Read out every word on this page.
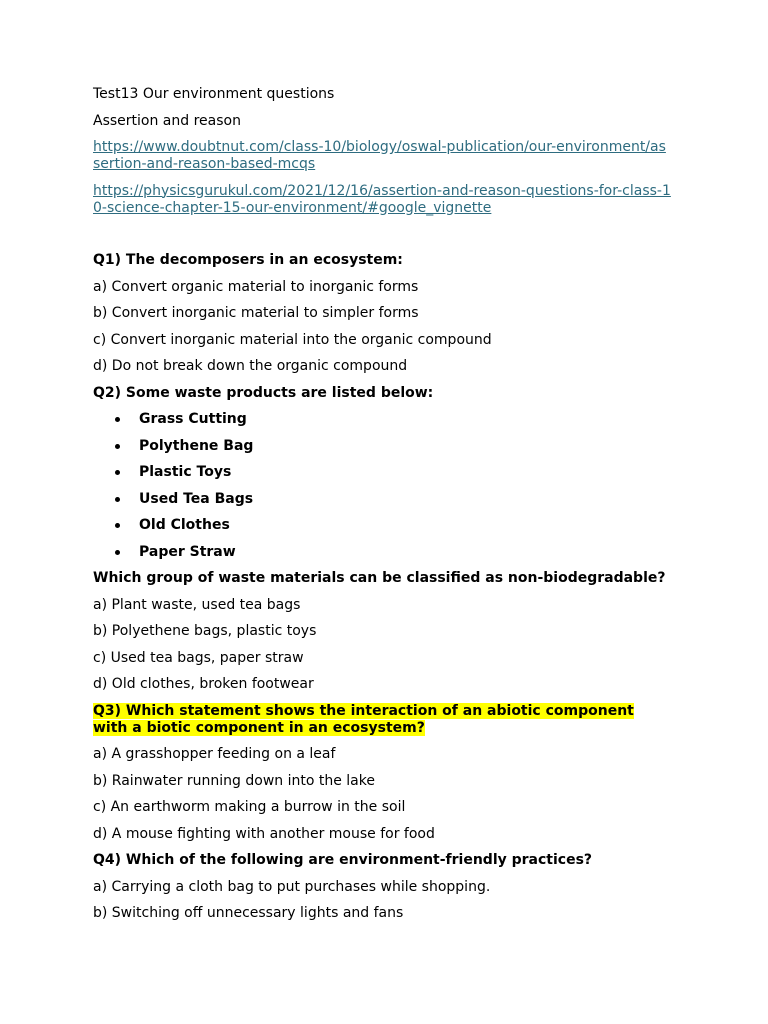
Test13 Our environment questions
Assertion and reason
https://www.doubtnut.com/class-10/biology/oswal-publication/our-environment/assertion-and-reason-based-mcqs
https://physicsgurukul.com/2021/12/16/assertion-and-reason-questions-for-class-10-science-chapter-15-our-environment/#google_vignette
Q1) The decomposers in an ecosystem:
a) Convert organic material to inorganic forms
b) Convert inorganic material to simpler forms
c) Convert inorganic material into the organic compound
d) Do not break down the organic compound
Q2) Some waste products are listed below:
Grass Cutting
Polythene Bag
Plastic Toys
Used Tea Bags
Old Clothes
Paper Straw
Which group of waste materials can be classified as non-biodegradable?
a) Plant waste, used tea bags
b) Polyethene bags, plastic toys
c) Used tea bags, paper straw
d) Old clothes, broken footwear
Q3) Which statement shows the interaction of an abiotic component
with a biotic component in an ecosystem?
a) A grasshopper feeding on a leaf
b) Rainwater running down into the lake
c) An earthworm making a burrow in the soil
d) A mouse fighting with another mouse for food
Q4) Which of the following are environment-friendly practices?
a) Carrying a cloth bag to put purchases while shopping.
b) Switching off unnecessary lights and fans
